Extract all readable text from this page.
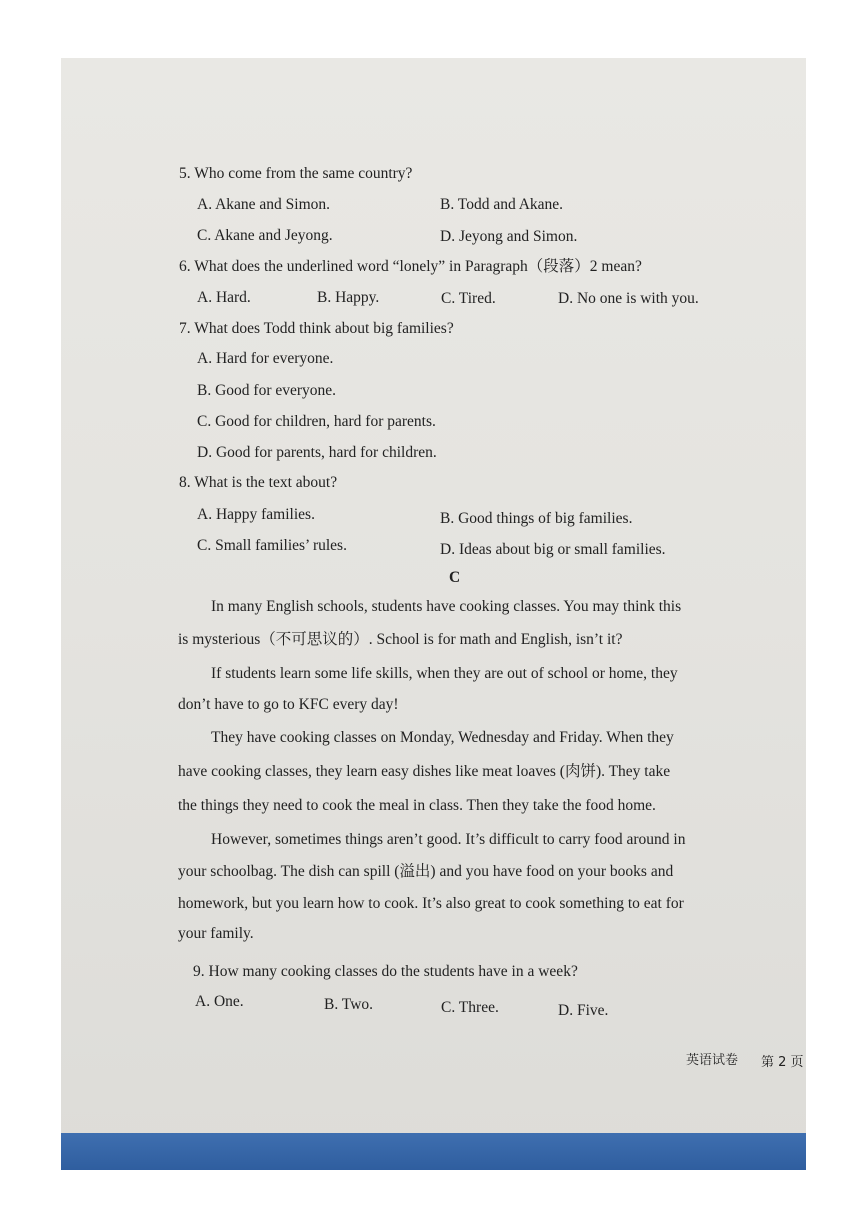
5. Who come from the same country?
A. Akane and Simon.	B. Todd and Akane.
C. Akane and Jeyong.	D. Jeyong and Simon.
6. What does the underlined word “lonely” in Paragraph（段落）2 mean?
A. Hard.	B. Happy.	C. Tired.	D. No one is with you.
7. What does Todd think about big families?
A. Hard for everyone.
B. Good for everyone.
C. Good for children, hard for parents.
D. Good for parents, hard for children.
8. What is the text about?
A. Happy families.	B. Good things of big families.
C. Small families’ rules.	D. Ideas about big or small families.
C
In many English schools, students have cooking classes. You may think this
is mysterious（不可思议的）. School is for math and English, isn’t it?
If students learn some life skills, when they are out of school or home, they
don’t have to go to KFC every day!
They have cooking classes on Monday, Wednesday and Friday. When they
have cooking classes, they learn easy dishes like meat loaves (肉饼). They take
the things they need to cook the meal in class. Then they take the food home.
However, sometimes things aren’t good. It’s difficult to carry food around in
your schoolbag. The dish can spill (溢出) and you have food on your books and
homework, but you learn how to cook. It’s also great to cook something to eat for
your family.
9. How many cooking classes do the students have in a week?
A. One.	B. Two.	C. Three.	D. Five.
英语试卷 第 2 页
